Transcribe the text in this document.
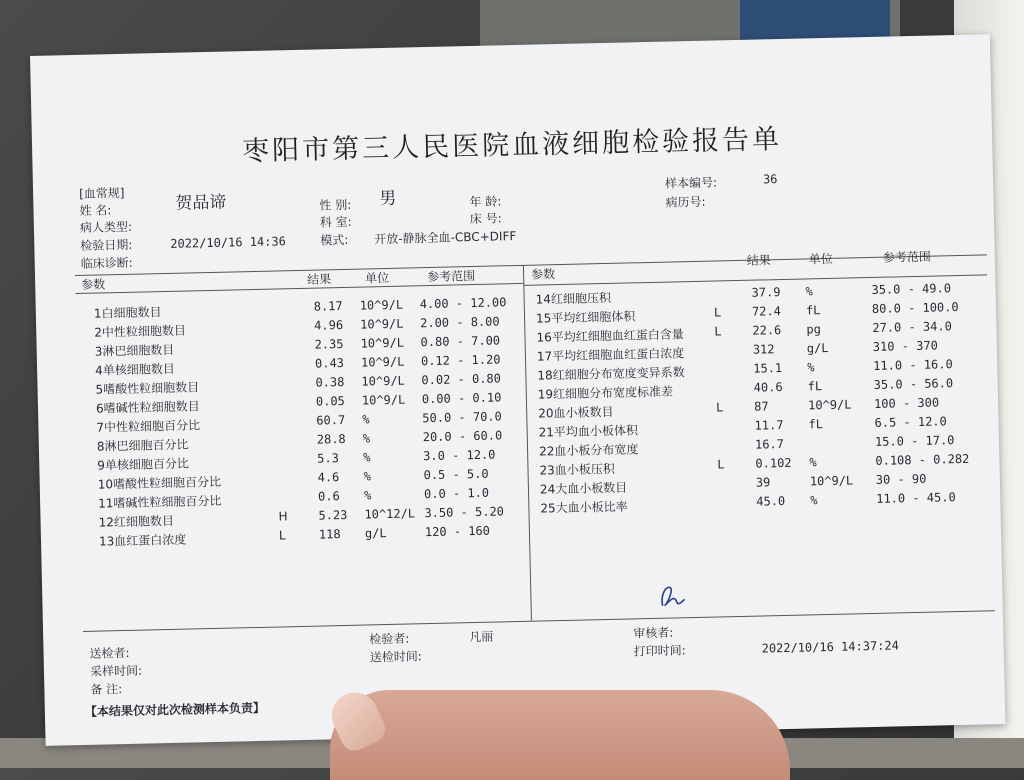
枣阳市第三人民医院血液细胞检验报告单
[血常规]
姓 名:	贺品谛	性 别: 男	年 龄:
样本编号:	36
病人类型:	科 室:	床 号:
病历号:
检验日期:	2022/10/16 14:36	模式: 开放-静脉全血-CBC+DIFF
临床诊断:
参数	结果	单位	参考范围	参数
结果	单位	参考范围
1白细胞数目	8.17 10^9/L 4.00 - 12.00
2中性粒细胞数目	4.96 10^9/L 2.00 - 8.00
3淋巴细胞数目	2.35 10^9/L 0.80 - 7.00
4单核细胞数目	0.43 10^9/L 0.12 - 1.20
5嗜酸性粒细胞数目	0.38 10^9/L 0.02 - 0.80
6嗜碱性粒细胞数目	0.05 10^9/L 0.00 - 0.10
7中性粒细胞百分比	60.7 %	50.0 - 70.0
8淋巴细胞百分比	28.8 %	20.0 - 60.0
9单核细胞百分比	5.3 %	3.0 - 12.0
10嗜酸性粒细胞百分比	4.6 %	0.5 - 5.0
11嗜碱性粒细胞百分比	0.6 %	0.0 - 1.0
12红细胞数目	H	5.23 10^12/L 3.50 - 5.20
13血红蛋白浓度	L	118 g/L	120 - 160
14红细胞压积	37.9 %	35.0 - 49.0
15平均红细胞体积	L	72.4 fL	80.0 - 100.0
16平均红细胞血红蛋白含量	L	22.6 pg	27.0 - 34.0
17平均红细胞血红蛋白浓度	312	g/L	310 - 370
18红细胞分布宽度变异系数	15.1 %	11.0 - 16.0
19红细胞分布宽度标准差	40.6 fL	35.0 - 56.0
20血小板数目	L	87	10^9/L 100 - 300
21平均血小板体积	11.7 fL	6.5 - 12.0
22血小板分布宽度	16.7	15.0 - 17.0
23血小板压积	L	0.102 %	0.108 - 0.282
24大血小板数目	39	10^9/L 30 - 90
25大血小板比率	45.0 %	11.0 - 45.0
送检者:
采样时间:
备 注:
检验者:	凡丽
送检时间:
审核者:
打印时间:	2022/10/16 14:37:24
【本结果仅对此次检测样本负责】
